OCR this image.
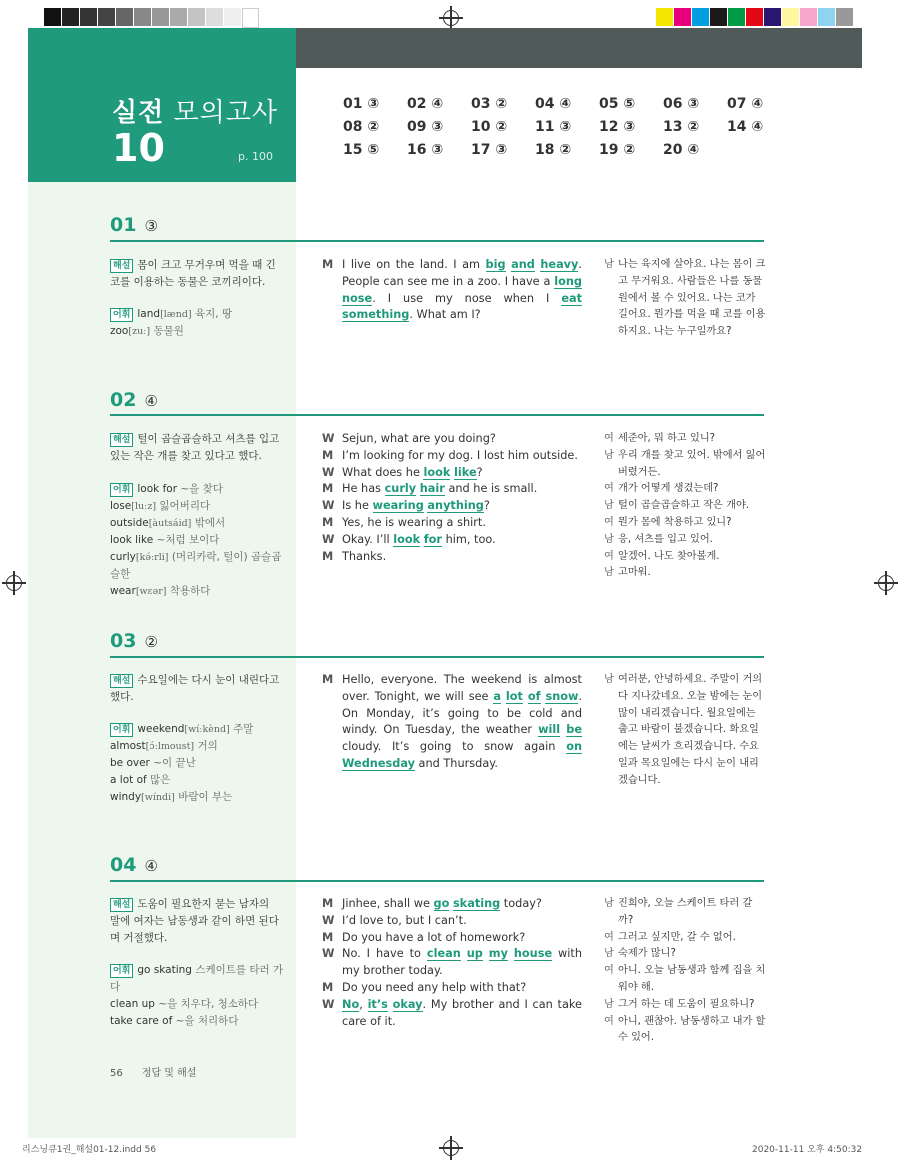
실전 모의고사
10	p. 100
01 ③	02 ④	03 ②	04 ④	05 ⑤	06 ③	07 ④
08 ②	09 ③	10 ②	11 ③	12 ③	13 ②	14 ④
15 ⑤	16 ③	17 ③	18 ②	19 ②	20 ④
01 ③
해설 몸이 크고 무거우며 먹을 때 긴 코를 이용하는 동물은 코끼리이다.
어휘 land[lænd] 육지, 땅
zoo[zuː] 동물원
M I live on the land. I am big and heavy. People can see me in a zoo. I have a long nose. I use my nose when I eat something. What am I?
남 나는 육지에 살아요. 나는 몸이 크고 무거워요. 사람들은 나를 동물원에서 볼 수 있어요. 나는 코가 길어요. 뭔가를 먹을 때 코를 이용하지요. 나는 누구일까요?
02 ④
해설 털이 곱슬곱슬하고 셔츠를 입고 있는 작은 개를 찾고 있다고 했다.
어휘 look for ~을 찾다
lose[luːz] 잃어버리다
outside[àutsáid] 밖에서
look like ~처럼 보이다
curly[kə́ːrli] (머리카락, 털이) 곱슬곱슬한
wear[wɛər] 착용하다
W Sejun, what are you doing?
M I’m looking for my dog. I lost him outside.
W What does he look like?
M He has curly hair and he is small.
W Is he wearing anything?
M Yes, he is wearing a shirt.
W Okay. I’ll look for him, too.
M Thanks.
여 세준아, 뭐 하고 있니?
남 우리 개를 찾고 있어. 밖에서 잃어버렸거든.
여 개가 어떻게 생겼는데?
남 털이 곱슬곱슬하고 작은 개야.
여 뭔가 몸에 착용하고 있니?
남 응, 셔츠를 입고 있어.
여 알겠어. 나도 찾아볼게.
남 고마워.
03 ②
해설 수요일에는 다시 눈이 내린다고 했다.
어휘 weekend[wíːkènd] 주말
almost[ɔ́ːlmoust] 거의
be over ~이 끝난
a lot of 많은
windy[wíndi] 바람이 부는
M Hello, everyone. The weekend is almost over. Tonight, we will see a lot of snow. On Monday, it’s going to be cold and windy. On Tuesday, the weather will be cloudy. It’s going to snow again on Wednesday and Thursday.
남 여러분, 안녕하세요. 주말이 거의 다 지나갔네요. 오늘 밤에는 눈이 많이 내리겠습니다. 월요일에는 춥고 바람이 불겠습니다. 화요일에는 날씨가 흐리겠습니다. 수요일과 목요일에는 다시 눈이 내리겠습니다.
04 ④
해설 도움이 필요한지 묻는 남자의 말에 여자는 남동생과 같이 하면 된다며 거절했다.
어휘 go skating 스케이트를 타러 가다
clean up ~을 치우다, 청소하다
take care of ~을 처리하다
M Jinhee, shall we go skating today?
W I’d love to, but I can’t.
M Do you have a lot of homework?
W No. I have to clean up my house with my brother today.
M Do you need any help with that?
W No, it’s okay. My brother and I can take care of it.
남 진희야, 오늘 스케이트 타러 갈까?
여 그러고 싶지만, 갈 수 없어.
남 숙제가 많니?
여 아니. 오늘 남동생과 함께 집을 치워야 해.
남 그거 하는 데 도움이 필요하니?
여 아니, 괜찮아. 남동생하고 내가 할 수 있어.
56 정답 및 해설
리스닝큐1권_해설01-12.indd 56	2020-11-11 오후 4:50:32
